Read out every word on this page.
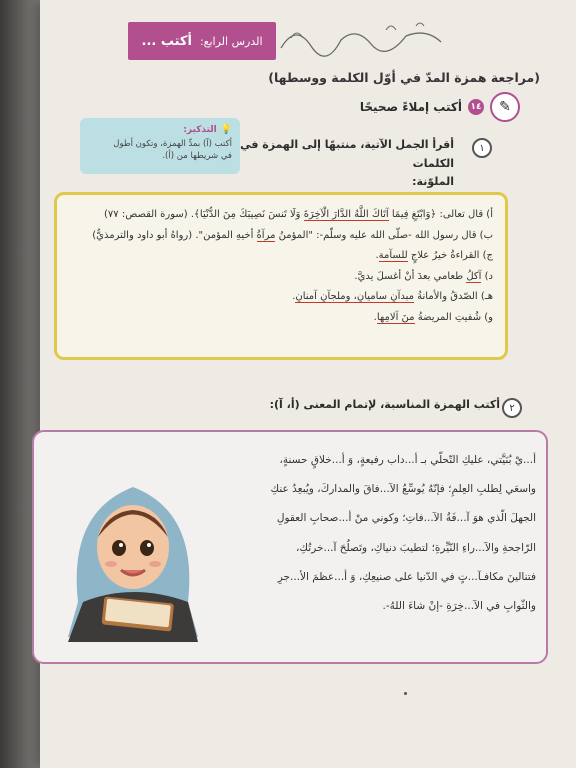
الدرس الرابع:
أكتب ...
(مراجعة همزة المدّ في أوّل الكلمة ووسطها)
✎
١٤
أكتب إملاءً صحيحًا
💡
التذكير:
أكتب (آ) بمدِّ الهمزة، وتكون أطول
في شريطها من (أ).
١
أقرأ الجمل الآتية، منتبهًا إلى الهمزة في الكلمات
الملوّنة:
أ) قال تعالى: ﴿وَابْتَغِ فِيمَا آتَاكَ اللَّهُ الدَّارَ الْآخِرَةَ وَلَا تَنسَ نَصِيبَكَ مِنَ الدُّنْيَا﴾. (سورة القصص: ٧٧)
ب) قال رسول الله -صلّى الله عليه وسلّم-: "المؤمنُ مرآةُ أخيهِ المؤمن". (رواهُ أبو داود والترمذيُّ)
ج) القراءةُ خيرُ علاجٍ للسآمة.
د) آكلُ طعامي بعدَ أنْ أغسلَ يديَّ.
هـ) الصّدقُ والأمانةُ مبدآنِ ساميانِ، وملجآنِ آمنانِ.
و) شُفيتِ المريضةُ منَ آلامِها.
٢
أكتب الهمزة المناسبة، لإتمام المعنى (أ، آ):
أ...يْ بُنَيَّتي، عليكِ التّحلّي بـ أ...داب رفيعةٍ، وَ أ...خلاقٍ حسنةٍ،
واسعَي لِطلبِ العِلمِ؛ فإنّهُ يُوسِّعُ الآ...فاقَ والمداركَ، ويُبعِدُ عنكِ
الجهلَ الّذي هوَ آ...فَةُ الآ...فاتِ؛ وكوني منْ أ...صحابِ العقولِ
الرّاجحةِ والآ...راءِ النّيِّرةِ؛ لتطيبَ دنياكِ، وتَصلُحَ آ...خرتُكِ،
فتنالينَ مكافـآ...تٍ في الدّنيا على صنيعِكِ، وَ أ...عظمَ الأ...جرِ
والثّوابِ في الآ...خِرَةِ -إنْ شاءَ اللهُ-.
